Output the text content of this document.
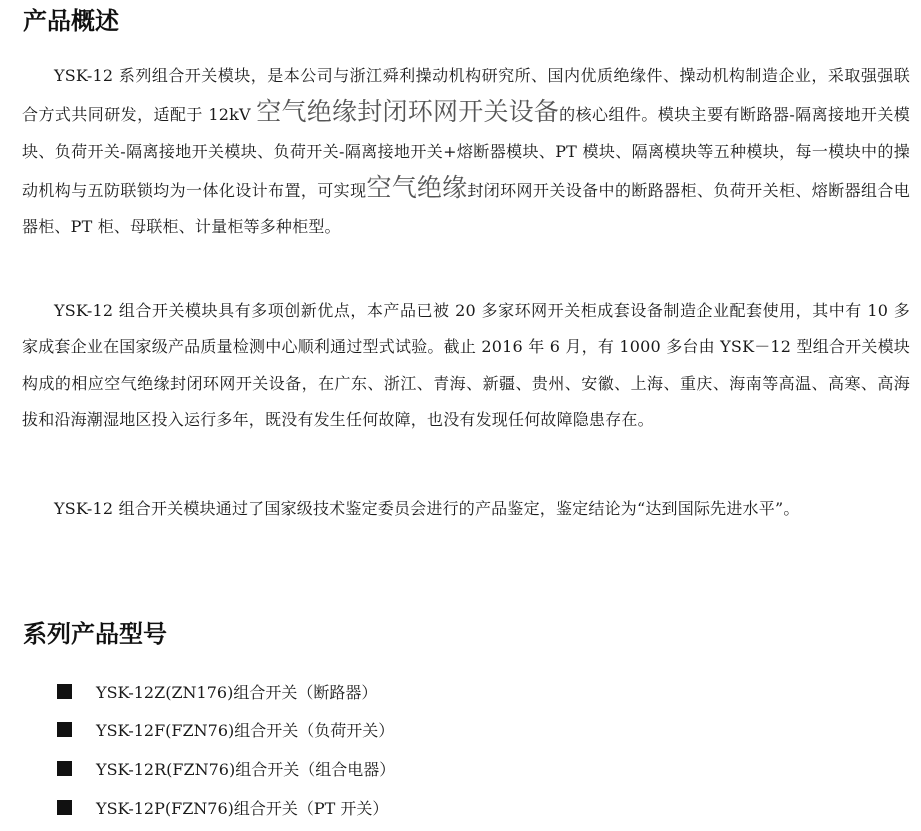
产品概述

YSK-12 系列组合开关模块，是本公司与浙江舜利操动机构研究所、国内优质绝缘件、操动机构制造企业，采取强强联合方式共同研发，适配于 12kV 空气绝缘封闭环网开关设备的核心组件。模块主要有断路器-隔离接地开关模块、负荷开关-隔离接地开关模块、负荷开关-隔离接地开关+熔断器模块、PT 模块、隔离模块等五种模块，每一模块中的操动机构与五防联锁均为一体化设计布置，可实现空气绝缘封闭环网开关设备中的断路器柜、负荷开关柜、熔断器组合电器柜、PT 柜、母联柜、计量柜等多种柜型。

YSK-12 组合开关模块具有多项创新优点，本产品已被 20 多家环网开关柜成套设备制造企业配套使用，其中有 10 多家成套企业在国家级产品质量检测中心顺利通过型式试验。截止 2016 年 6 月，有 1000 多台由 YSK－12 型组合开关模块构成的相应空气绝缘封闭环网开关设备，在广东、浙江、青海、新疆、贵州、安徽、上海、重庆、海南等高温、高寒、高海拔和沿海潮湿地区投入运行多年，既没有发生任何故障，也没有发现任何故障隐患存在。

YSK-12 组合开关模块通过了国家级技术鉴定委员会进行的产品鉴定，鉴定结论为“达到国际先进水平”。

系列产品型号
YSK-12Z(ZN176)组合开关（断路器）
YSK-12F(FZN76)组合开关（负荷开关）
YSK-12R(FZN76)组合开关（组合电器）
YSK-12P(FZN76)组合开关（PT 开关）
